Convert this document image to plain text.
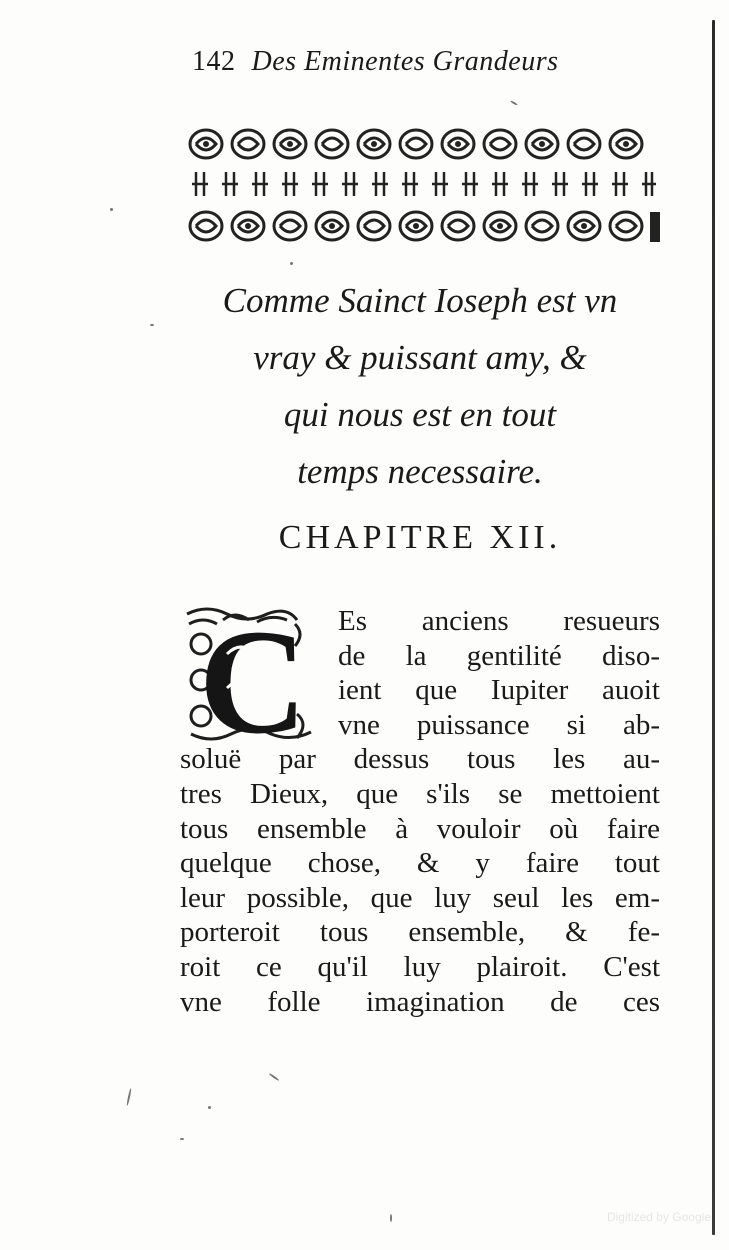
142 Des Eminentes Grandeurs
Comme Sainct Ioseph est vn
vray & puissant amy, &
qui nous est en tout
temps necessaire.
CHAPITRE XII.
C Es anciens resueurs
de la gentilité diso-
ient que Iupiter auoit
vne puissance si ab-
soluë par dessus tous les au-
tres Dieux, que s'ils se mettoient
tous ensemble à vouloir où faire
quelque chose, & y faire tout
leur possible, que luy seul les em-
porteroit tous ensemble, & fe-
roit ce qu'il luy plairoit. C'est
vne folle imagination de ces
Digitized by Google
